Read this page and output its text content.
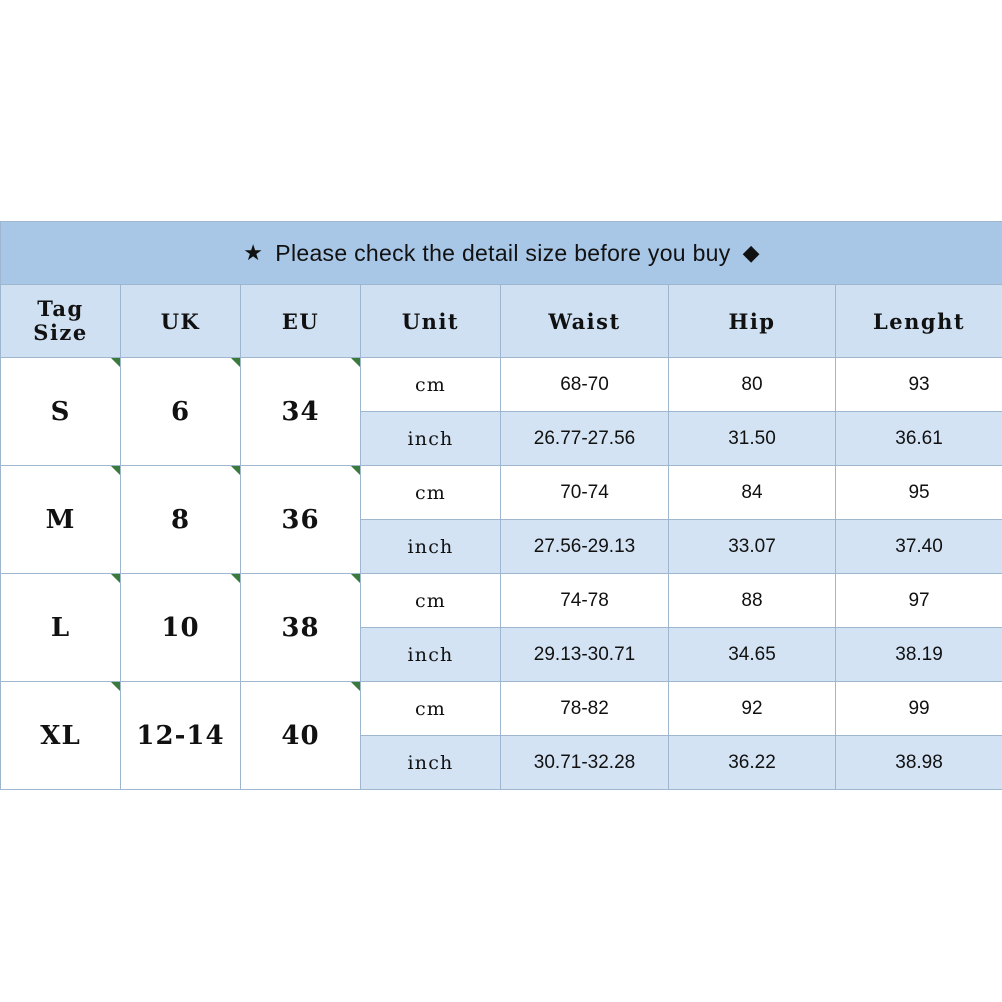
★ Please check the detail size before you buy ◆						

Tag
Size	UK	EU	Unit	Waist	Hip	Lenght
S	6	34	cm	68-70	80	93
			inch	26.77-27.56	31.50	36.61
M	8	36	cm	70-74	84	95
			inch	27.56-29.13	33.07	37.40
L	10	38	cm	74-78	88	97
			inch	29.13-30.71	34.65	38.19
XL	12-14	40	cm	78-82	92	99
			inch	30.71-32.28	36.22	38.98
